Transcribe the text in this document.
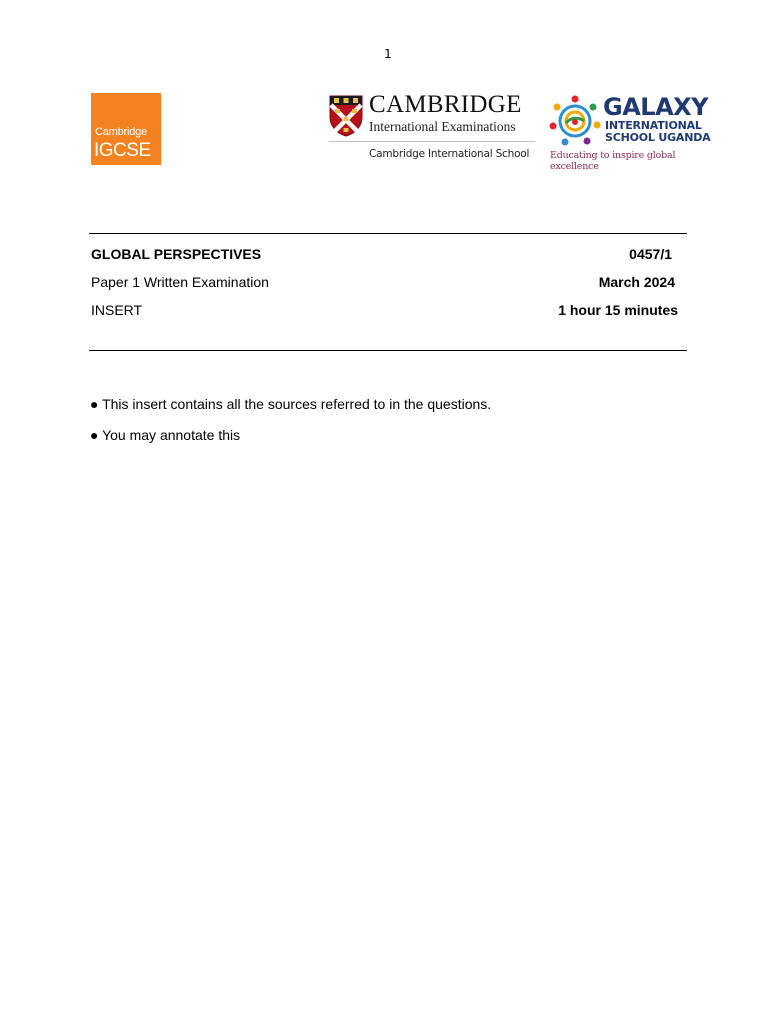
1
Cambridge
IGCSE
CAMBRIDGE
International Examinations
Cambridge International School
GALAXY
INTERNATIONAL
SCHOOL UGANDA
Educating to inspire global excellence
GLOBAL PERSPECTIVES	0457/1
Paper 1 Written Examination	March 2024
INSERT	1 hour 15 minutes
● This insert contains all the sources referred to in the questions.
● You may annotate this
